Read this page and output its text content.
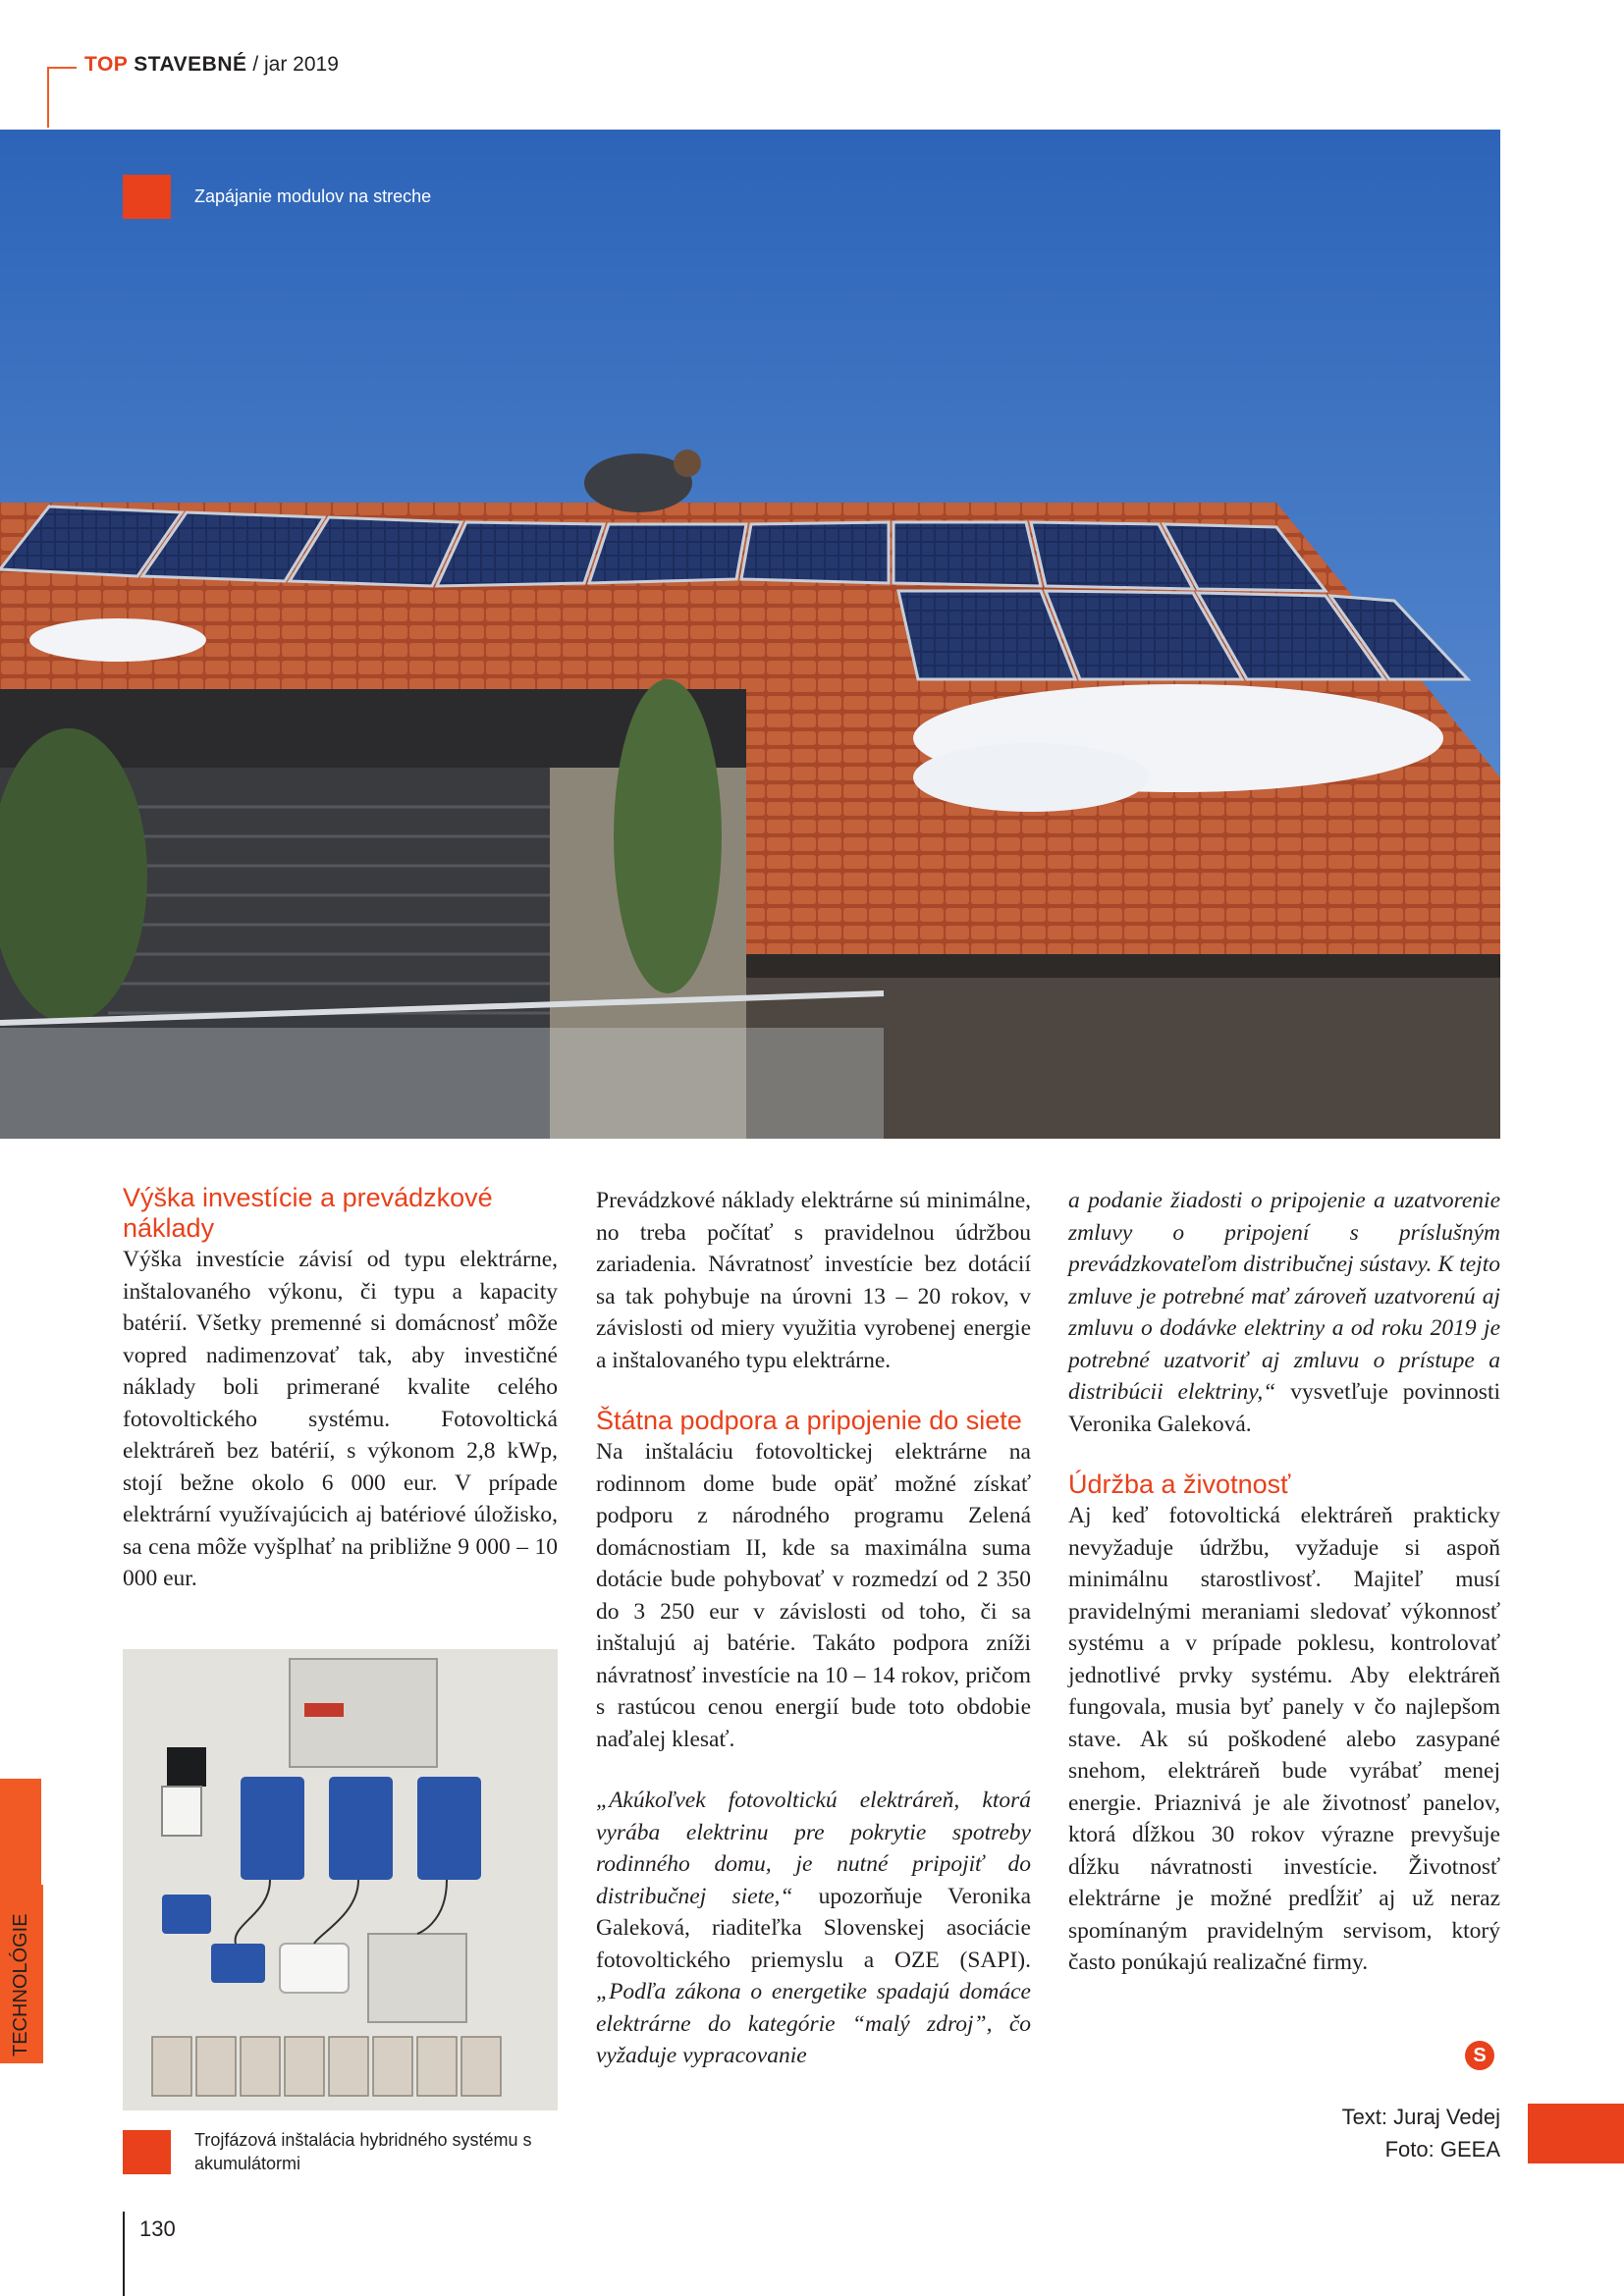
TOP STAVEBNÉ / jar 2019
Zapájanie modulov na streche

Výška investície a prevádzkové náklady

Výška investície závisí od typu elektrárne, inštalovaného výkonu, či typu a kapacity batérií. Všetky premenné si domácnosť môže vopred nadimenzovať tak, aby investičné náklady boli primerané kvalite celého fotovoltického systému. Fotovoltická elektráreň bez batérií, s výkonom 2,8 kWp, stojí bežne okolo 6 000 eur. V prípade elektrární využívajúcich aj batériové úložisko, sa cena môže vyšplhať na približne 9 000 – 10 000 eur.

Trojfázová inštalácia hybridného systému s akumulátormi

Prevádzkové náklady elektrárne sú minimálne, no treba počítať s pravidelnou údržbou zariadenia. Návratnosť investície bez dotácií sa tak pohybuje na úrovni 13 – 20 rokov, v závislosti od miery využitia vyrobenej energie a inštalovaného typu elektrárne.

Štátna podpora a pripojenie do siete

Na inštaláciu fotovoltickej elektrárne na rodinnom dome bude opäť možné získať podporu z národného programu Zelená domácnostiam II, kde sa maximálna suma dotácie bude pohybovať v rozmedzí od 2 350 do 3 250 eur v závislosti od toho, či sa inštalujú aj batérie. Takáto podpora zníži návratnosť investície na 10 – 14 rokov, pričom s rastúcou cenou energií bude toto obdobie naďalej klesať.

„Akúkoľvek fotovoltickú elektráreň, ktorá vyrába elektrinu pre pokrytie spotreby rodinného domu, je nutné pripojiť do distribučnej siete,“ upozorňuje Veronika Galeková, riaditeľka Slovenskej asociácie fotovoltického priemyslu a OZE (SAPI). „Podľa zákona o energetike spadajú domáce elektrárne do kategórie “malý zdroj”, čo vyžaduje vypracovanie

a podanie žiadosti o pripojenie a uzatvorenie zmluvy o pripojení s príslušným prevádzkovateľom distribučnej sústavy. K tejto zmluve je potrebné mať zároveň uzatvorenú aj zmluvu o dodávke elektriny a od roku 2019 je potrebné uzatvoriť aj zmluvu o prístupe a distribúcii elektriny,“ vysvetľuje povinnosti Veronika Galeková.

Údržba a životnosť

Aj keď fotovoltická elektráreň prakticky nevyžaduje údržbu, vyžaduje si aspoň minimálnu starostlivosť. Majiteľ musí pravidelnými meraniami sledovať výkonnosť systému a v prípade poklesu, kontrolovať jednotlivé prvky systému. Aby elektráreň fungovala, musia byť panely v čo najlepšom stave. Ak sú poškodené alebo zasypané snehom, elektráreň bude vyrábať menej energie. Priaznivá je ale životnosť panelov, ktorá dĺžkou 30 rokov výrazne prevyšuje dĺžku návratnosti investície. Životnosť elektrárne je možné predĺžiť aj už neraz spomínaným pravidelným servisom, ktorý často ponúkajú realizačné firmy.

S
Text: Juraj Vedej
Foto: GEEA
TECHNOLÓGIE
130
